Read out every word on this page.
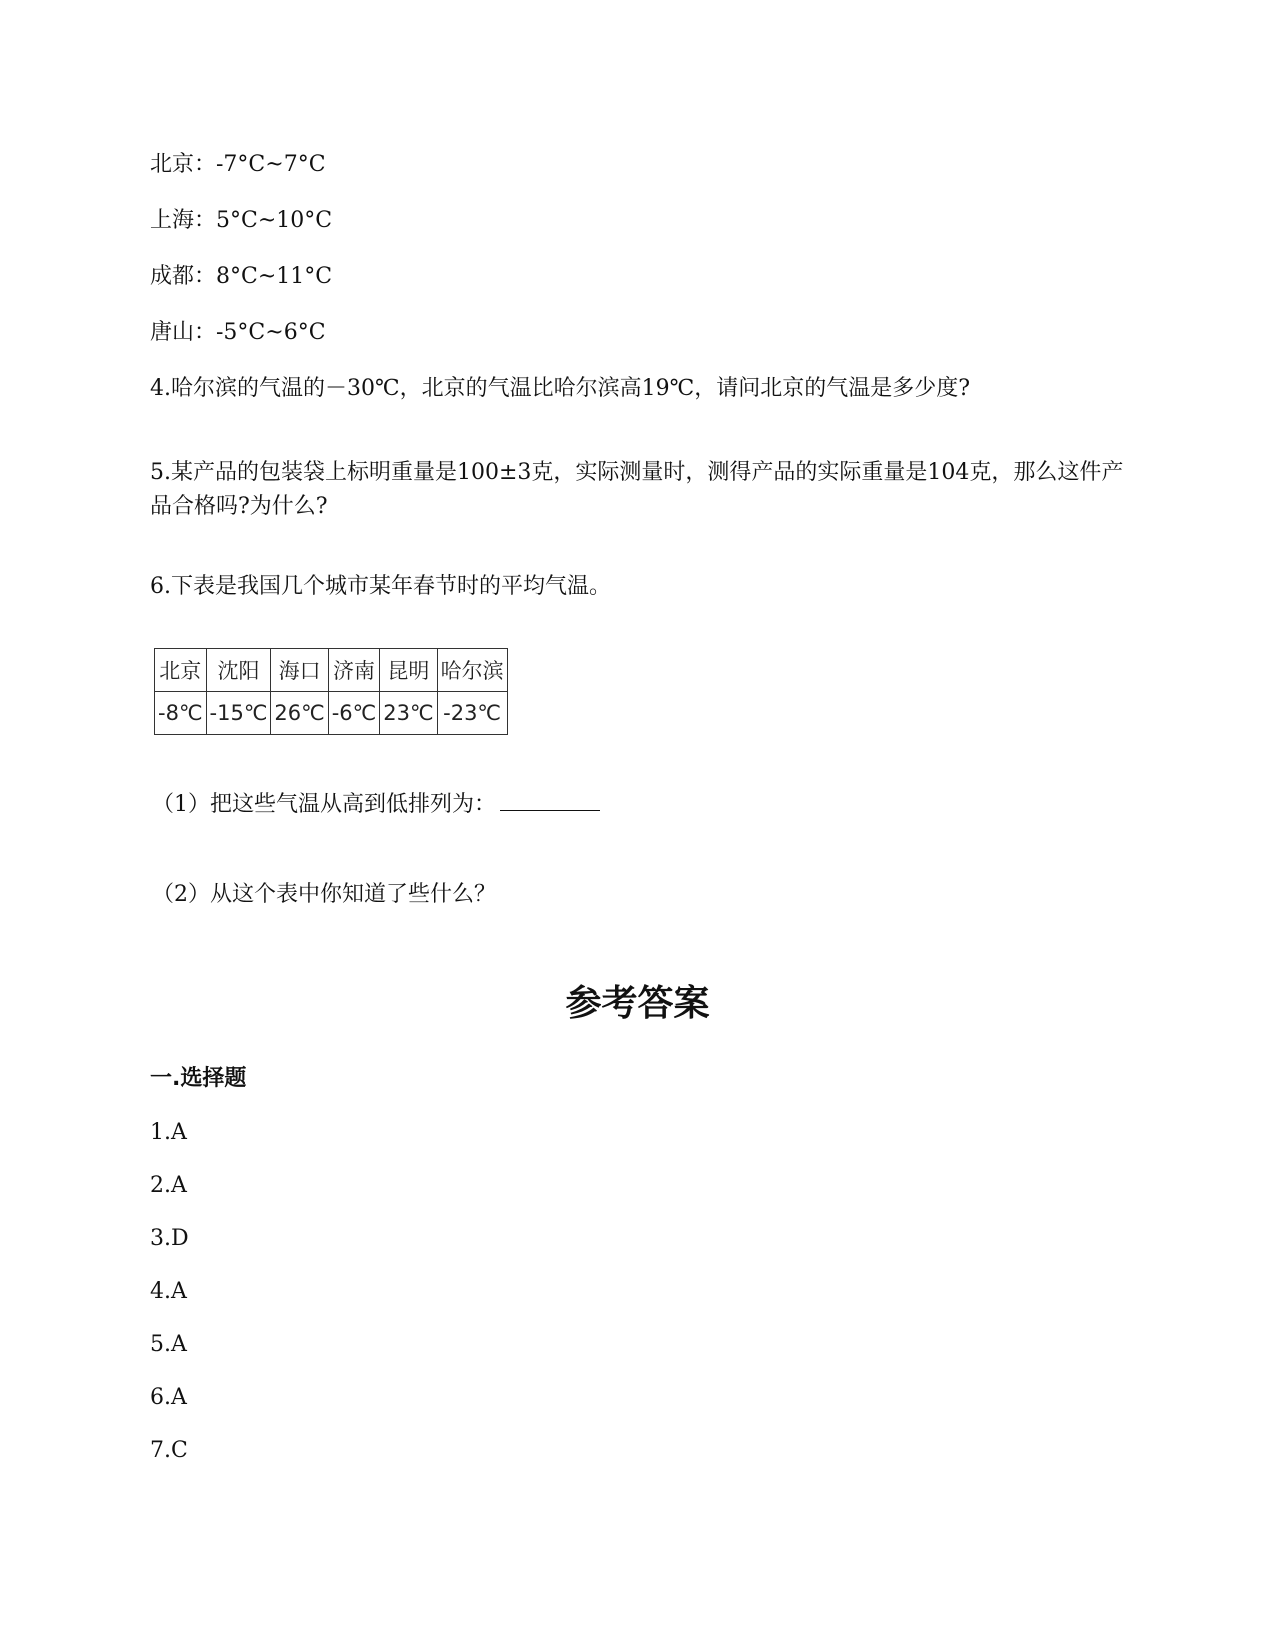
北京：-7°C~7°C
上海：5°C~10°C
成都：8°C~11°C
唐山：-5°C~6°C
4.哈尔滨的气温的－30℃，北京的气温比哈尔滨高19℃，请问北京的气温是多少度?
5.某产品的包装袋上标明重量是100±3克，实际测量时，测得产品的实际重量是104克，那么这件产品合格吗?为什么?
6.下表是我国几个城市某年春节时的平均气温。
北京	沈阳	海口	济南	昆明	哈尔滨
-8℃	-15℃	26℃	-6℃	23℃	-23℃
（1）把这些气温从高到低排列为：
（2）从这个表中你知道了些什么？
参考答案
一.选择题
1.A
2.A
3.D
4.A
5.A
6.A
7.C
